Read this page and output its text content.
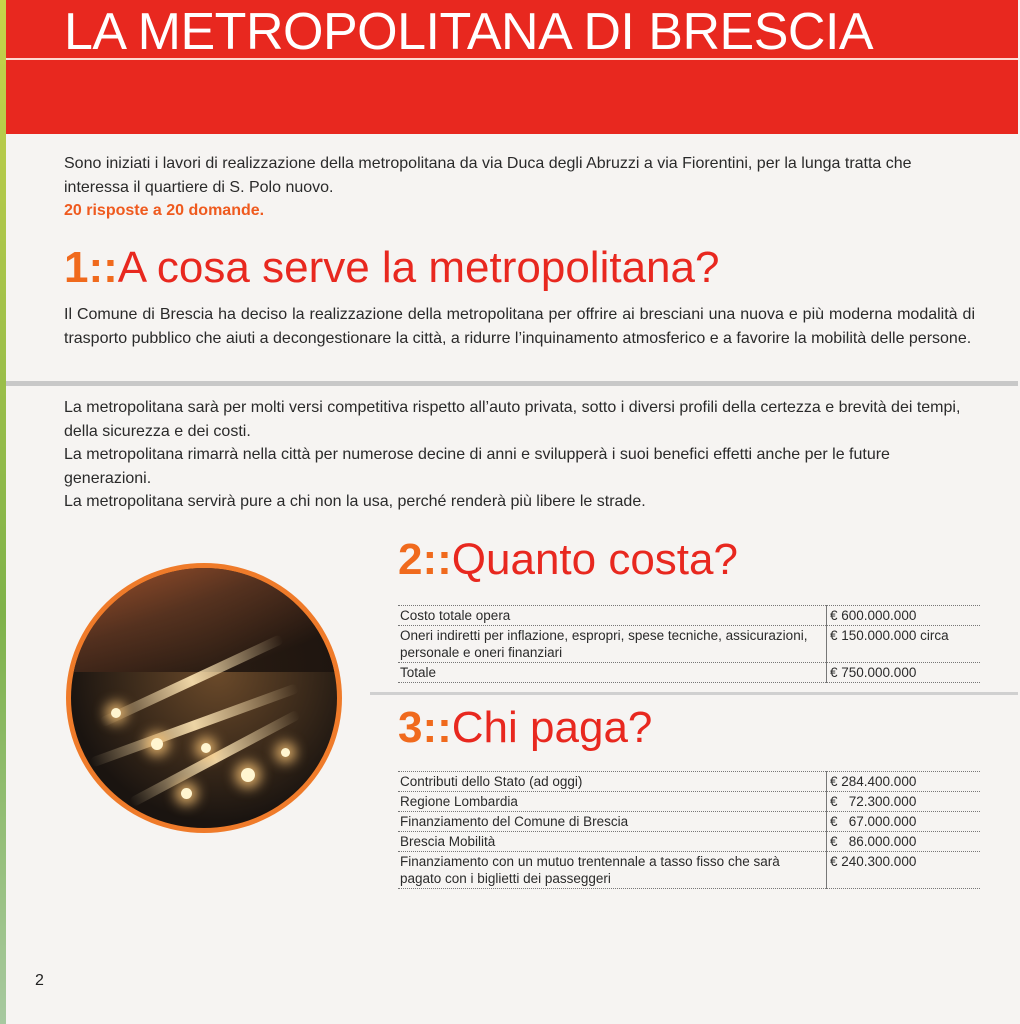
LA METROPOLITANA DI BRESCIA
Sono iniziati i lavori di realizzazione della metropolitana da via Duca degli Abruzzi a via Fiorentini, per la lunga tratta che interessa il quartiere di S. Polo nuovo.
20 risposte a 20 domande.
1::A cosa serve la metropolitana?
Il Comune di Brescia ha deciso la realizzazione della metropolitana per offrire ai bresciani una nuova e più moderna modalità di trasporto pubblico che aiuti a decongestionare la città, a ridurre l’inquinamento atmosferico e a favorire la mobilità delle persone.

La metropolitana sarà per molti versi competitiva rispetto all’auto privata, sotto i diversi profili della certezza e brevità dei tempi, della sicurezza e dei costi.

La metropolitana rimarrà nella città per numerose decine di anni e svilupperà i suoi benefici effetti anche per le future generazioni.

La metropolitana servirà pure a chi non la usa, perché renderà più libere le strade.

2::Quanto costa?
Costo totale opera	€ 600.000.000
Oneri indiretti per inflazione, espropri, spese tecniche, assicurazioni, personale e oneri finanziari	€ 150.000.000 circa
Totale	€ 750.000.000
3::Chi paga?
Contributi dello Stato (ad oggi)	€ 284.400.000
Regione Lombardia	€   72.300.000
Finanziamento del Comune di Brescia	€   67.000.000
Brescia Mobilità	€   86.000.000
Finanziamento con un mutuo trentennale a tasso fisso che sarà pagato con i biglietti dei passeggeri	€ 240.300.000
2
